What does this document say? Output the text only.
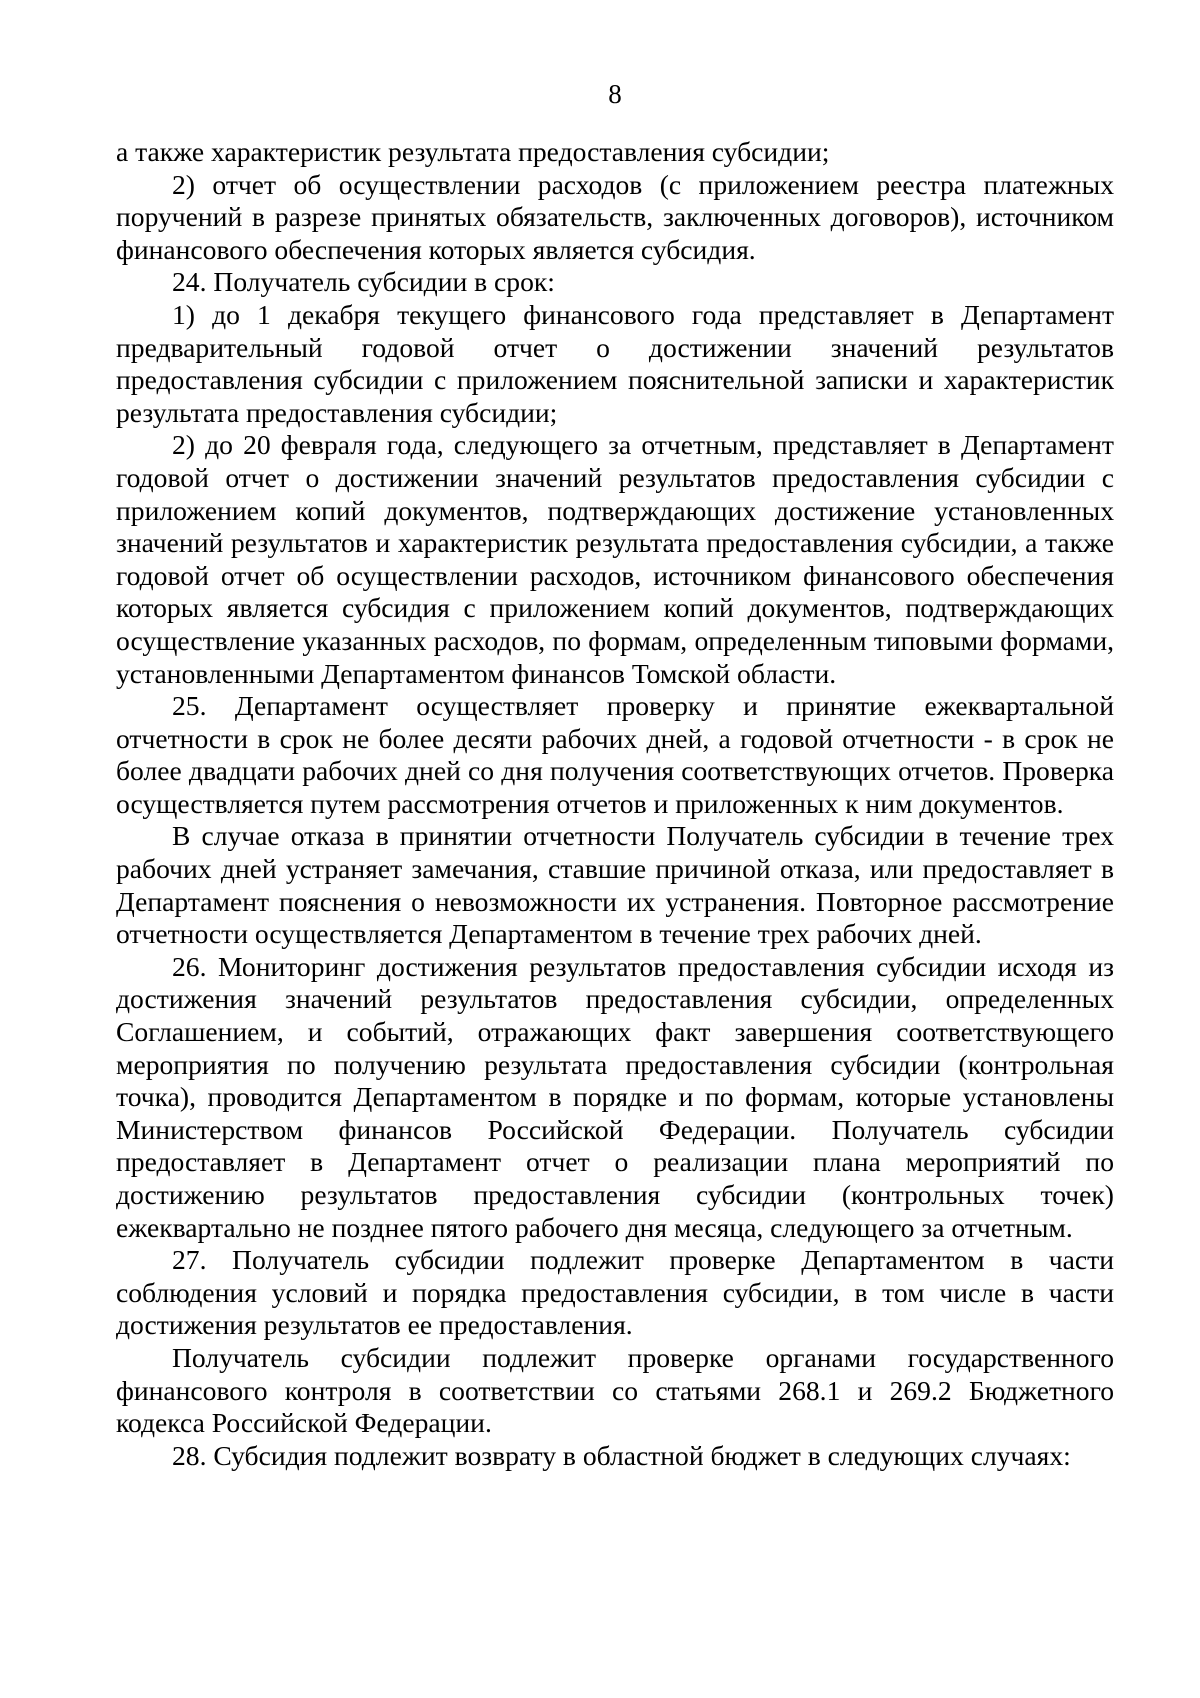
8

а также характеристик результата предоставления субсидии;

2) отчет об осуществлении расходов (с приложением реестра платежных поручений в разрезе принятых обязательств, заключенных договоров), источником финансового обеспечения которых является субсидия.

24. Получатель субсидии в срок:

1) до 1 декабря текущего финансового года представляет в Департамент предварительный годовой отчет о достижении значений результатов предоставления субсидии с приложением пояснительной записки и характеристик результата предоставления субсидии;

2) до 20 февраля года, следующего за отчетным, представляет в Департамент годовой отчет о достижении значений результатов предоставления субсидии с приложением копий документов, подтверждающих достижение установленных значений результатов и характеристик результата предоставления субсидии, а также годовой отчет об осуществлении расходов, источником финансового обеспечения которых является субсидия с приложением копий документов, подтверждающих осуществление указанных расходов, по формам, определенным типовыми формами, установленными Департаментом финансов Томской области.

25. Департамент осуществляет проверку и принятие ежеквартальной отчетности в срок не более десяти рабочих дней, а годовой отчетности - в срок не более двадцати рабочих дней со дня получения соответствующих отчетов. Проверка осуществляется путем рассмотрения отчетов и приложенных к ним документов.

В случае отказа в принятии отчетности Получатель субсидии в течение трех рабочих дней устраняет замечания, ставшие причиной отказа, или предоставляет в Департамент пояснения о невозможности их устранения. Повторное рассмотрение отчетности осуществляется Департаментом в течение трех рабочих дней.

26. Мониторинг достижения результатов предоставления субсидии исходя из достижения значений результатов предоставления субсидии, определенных Соглашением, и событий, отражающих факт завершения соответствующего мероприятия по получению результата предоставления субсидии (контрольная точка), проводится Департаментом в порядке и по формам, которые установлены Министерством финансов Российской Федерации. Получатель субсидии предоставляет в Департамент отчет о реализации плана мероприятий по достижению результатов предоставления субсидии (контрольных точек) ежеквартально не позднее пятого рабочего дня месяца, следующего за отчетным.

27. Получатель субсидии подлежит проверке Департаментом в части соблюдения условий и порядка предоставления субсидии, в том числе в части достижения результатов ее предоставления.

Получатель субсидии подлежит проверке органами государственного финансового контроля в соответствии со статьями 268.1 и 269.2 Бюджетного кодекса Российской Федерации.

28. Субсидия подлежит возврату в областной бюджет в следующих случаях:
